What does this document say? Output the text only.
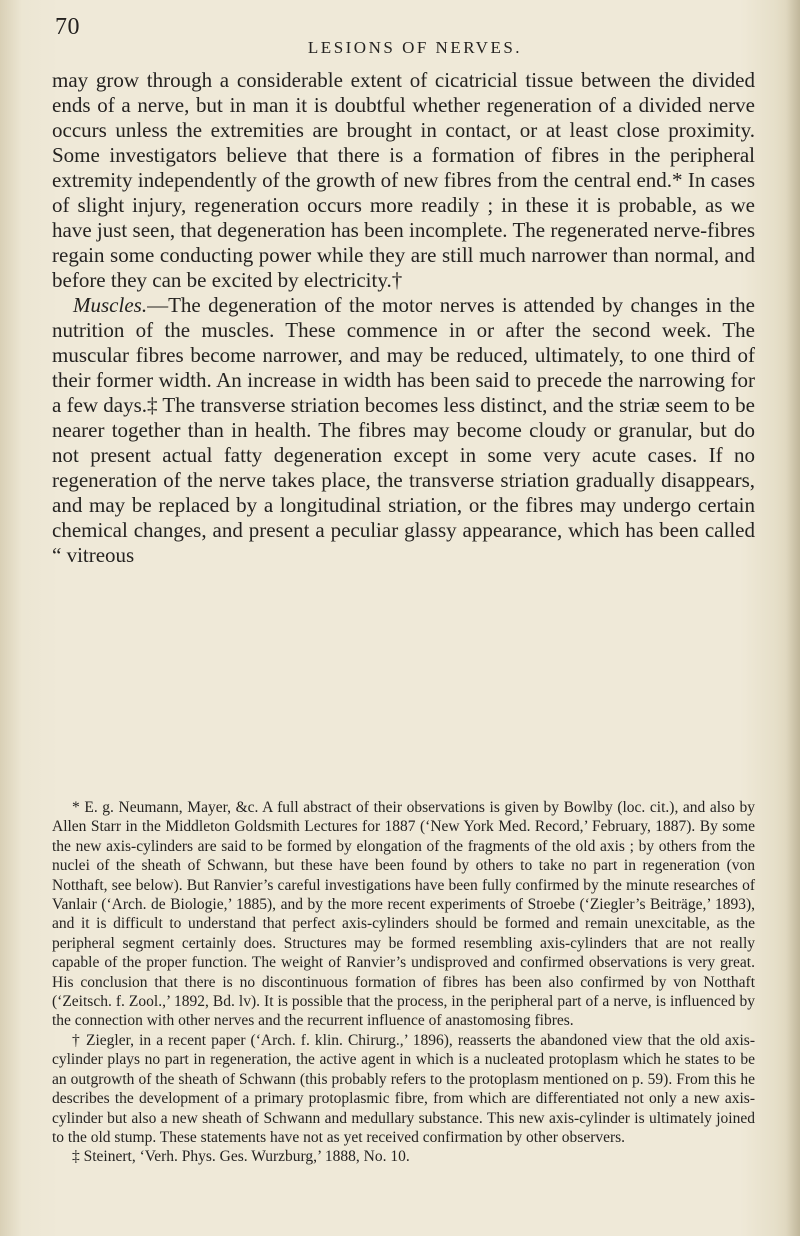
70
LESIONS OF NERVES.

may grow through a considerable extent of cicatricial tissue between the divided ends of a nerve, but in man it is doubtful whether regeneration of a divided nerve occurs unless the extremities are brought in contact, or at least close proximity. Some investigators believe that there is a formation of fibres in the peripheral extremity independently of the growth of new fibres from the central end.* In cases of slight injury, regeneration occurs more readily ; in these it is probable, as we have just seen, that degeneration has been incomplete. The regenerated nerve-fibres regain some conducting power while they are still much narrower than normal, and before they can be excited by electricity.†

 Muscles.—The degeneration of the motor nerves is attended by changes in the nutrition of the muscles. These commence in or after the second week. The muscular fibres become narrower, and may be reduced, ultimately, to one third of their former width. An increase in width has been said to precede the narrowing for a few days.‡ The transverse striation becomes less distinct, and the striæ seem to be nearer together than in health. The fibres may become cloudy or granular, but do not present actual fatty degeneration except in some very acute cases. If no regeneration of the nerve takes place, the transverse striation gradually disappears, and may be replaced by a longitudinal striation, or the fibres may undergo certain chemical changes, and present a peculiar glassy appearance, which has been called “ vitreous

* E. g. Neumann, Mayer, &c. A full abstract of their observations is given by Bowlby (loc. cit.), and also by Allen Starr in the Middleton Goldsmith Lectures for 1887 (‘New York Med. Record,’ February, 1887). By some the new axis-cylinders are said to be formed by elongation of the fragments of the old axis ; by others from the nuclei of the sheath of Schwann, but these have been found by others to take no part in regeneration (von Notthaft, see below). But Ranvier’s careful investigations have been fully confirmed by the minute researches of Vanlair (‘Arch. de Biologie,’ 1885), and by the more recent experiments of Stroebe (‘Ziegler’s Beiträge,’ 1893), and it is difficult to understand that perfect axis-cylinders should be formed and remain unexcitable, as the peripheral segment certainly does. Structures may be formed resembling axis-cylinders that are not really capable of the proper function. The weight of Ranvier’s undisproved and confirmed observations is very great. His conclusion that there is no discontinuous formation of fibres has been also confirmed by von Notthaft (‘Zeitsch. f. Zool.,’ 1892, Bd. lv). It is possible that the process, in the peripheral part of a nerve, is influenced by the connection with other nerves and the recurrent influence of anastomosing fibres.

† Ziegler, in a recent paper (‘Arch. f. klin. Chirurg.,’ 1896), reasserts the abandoned view that the old axis-cylinder plays no part in regeneration, the active agent in which is a nucleated protoplasm which he states to be an outgrowth of the sheath of Schwann (this probably refers to the protoplasm mentioned on p. 59). From this he describes the development of a primary protoplasmic fibre, from which are differentiated not only a new axis-cylinder but also a new sheath of Schwann and medullary substance. This new axis-cylinder is ultimately joined to the old stump. These statements have not as yet received confirmation by other observers.

‡ Steinert, ‘Verh. Phys. Ges. Wurzburg,’ 1888, No. 10.
